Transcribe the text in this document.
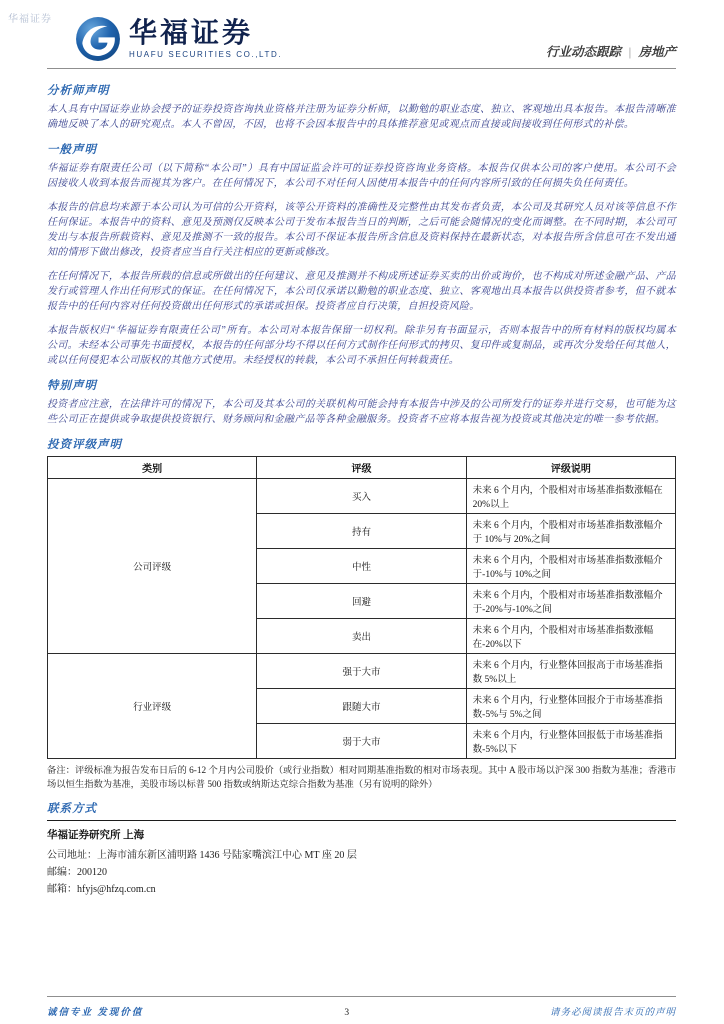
华福证券	华福证券
HUAFU SECURITIES CO.,LTD.	行业动态跟踪 | 房地产
分析师声明

本人具有中国证券业协会授予的证券投资咨询执业资格并注册为证券分析师，以勤勉的职业态度、独立、客观地出具本报告。本报告清晰准确地反映了本人的研究观点。本人不曾因，不因，也将不会因本报告中的具体推荐意见或观点而直接或间接收到任何形式的补偿。

一般声明

华福证券有限责任公司（以下简称“本公司”）具有中国证监会许可的证券投资咨询业务资格。本报告仅供本公司的客户使用。本公司不会因接收人收到本报告而视其为客户。在任何情况下，本公司不对任何人因使用本报告中的任何内容所引致的任何损失负任何责任。

本报告的信息均来源于本公司认为可信的公开资料，该等公开资料的准确性及完整性由其发布者负责，本公司及其研究人员对该等信息不作任何保证。本报告中的资料、意见及预测仅反映本公司于发布本报告当日的判断，之后可能会随情况的变化而调整。在不同时期，本公司可发出与本报告所载资料、意见及推测不一致的报告。本公司不保证本报告所含信息及资料保持在最新状态，对本报告所含信息可在不发出通知的情形下做出修改，投资者应当自行关注相应的更新或修改。

在任何情况下，本报告所载的信息或所做出的任何建议、意见及推测并不构成所述证券买卖的出价或询价，也不构成对所述金融产品、产品发行或管理人作出任何形式的保证。在任何情况下，本公司仅承诺以勤勉的职业态度、独立、客观地出具本报告以供投资者参考，但不就本报告中的任何内容对任何投资做出任何形式的承诺或担保。投资者应自行决策，自担投资风险。

本报告版权归“华福证券有限责任公司”所有。本公司对本报告保留一切权利。除非另有书面显示，否则本报告中的所有材料的版权均属本公司。未经本公司事先书面授权，本报告的任何部分均不得以任何方式制作任何形式的拷贝、复印件或复制品，或再次分发给任何其他人，或以任何侵犯本公司版权的其他方式使用。未经授权的转载，本公司不承担任何转载责任。

特别声明

投资者应注意，在法律许可的情况下，本公司及其本公司的关联机构可能会持有本报告中涉及的公司所发行的证券并进行交易，也可能为这些公司正在提供或争取提供投资银行、财务顾问和金融产品等各种金融服务。投资者不应将本报告视为投资或其他决定的唯一参考依据。

投资评级声明
类别	评级	评级说明
公司评级	买入	未来 6 个月内，个股相对市场基准指数涨幅在 20%以上
	持有	未来 6 个月内，个股相对市场基准指数涨幅介于 10%与 20%之间
	中性	未来 6 个月内，个股相对市场基准指数涨幅介于-10%与 10%之间
	回避	未来 6 个月内，个股相对市场基准指数涨幅介于-20%与-10%之间
	卖出	未来 6 个月内，个股相对市场基准指数涨幅在-20%以下
行业评级	强于大市	未来 6 个月内，行业整体回报高于市场基准指数 5%以上
	跟随大市	未来 6 个月内，行业整体回报介于市场基准指数-5%与 5%之间
	弱于大市	未来 6 个月内，行业整体回报低于市场基准指数-5%以下
备注：评级标准为报告发布日后的 6-12 个月内公司股价（或行业指数）相对同期基准指数的相对市场表现。其中 A 股市场以沪深 300 指数为基准；香港市场以恒生指数为基准，美股市场以标普 500 指数或纳斯达克综合指数为基准（另有说明的除外）
联系方式
华福证券研究所 上海
公司地址：上海市浦东新区浦明路 1436 号陆家嘴滨江中心 MT 座 20 层
邮编：200120
邮箱：hfyjs@hfzq.com.cn
诚信专业 发现价值	3	请务必阅读报告末页的声明
